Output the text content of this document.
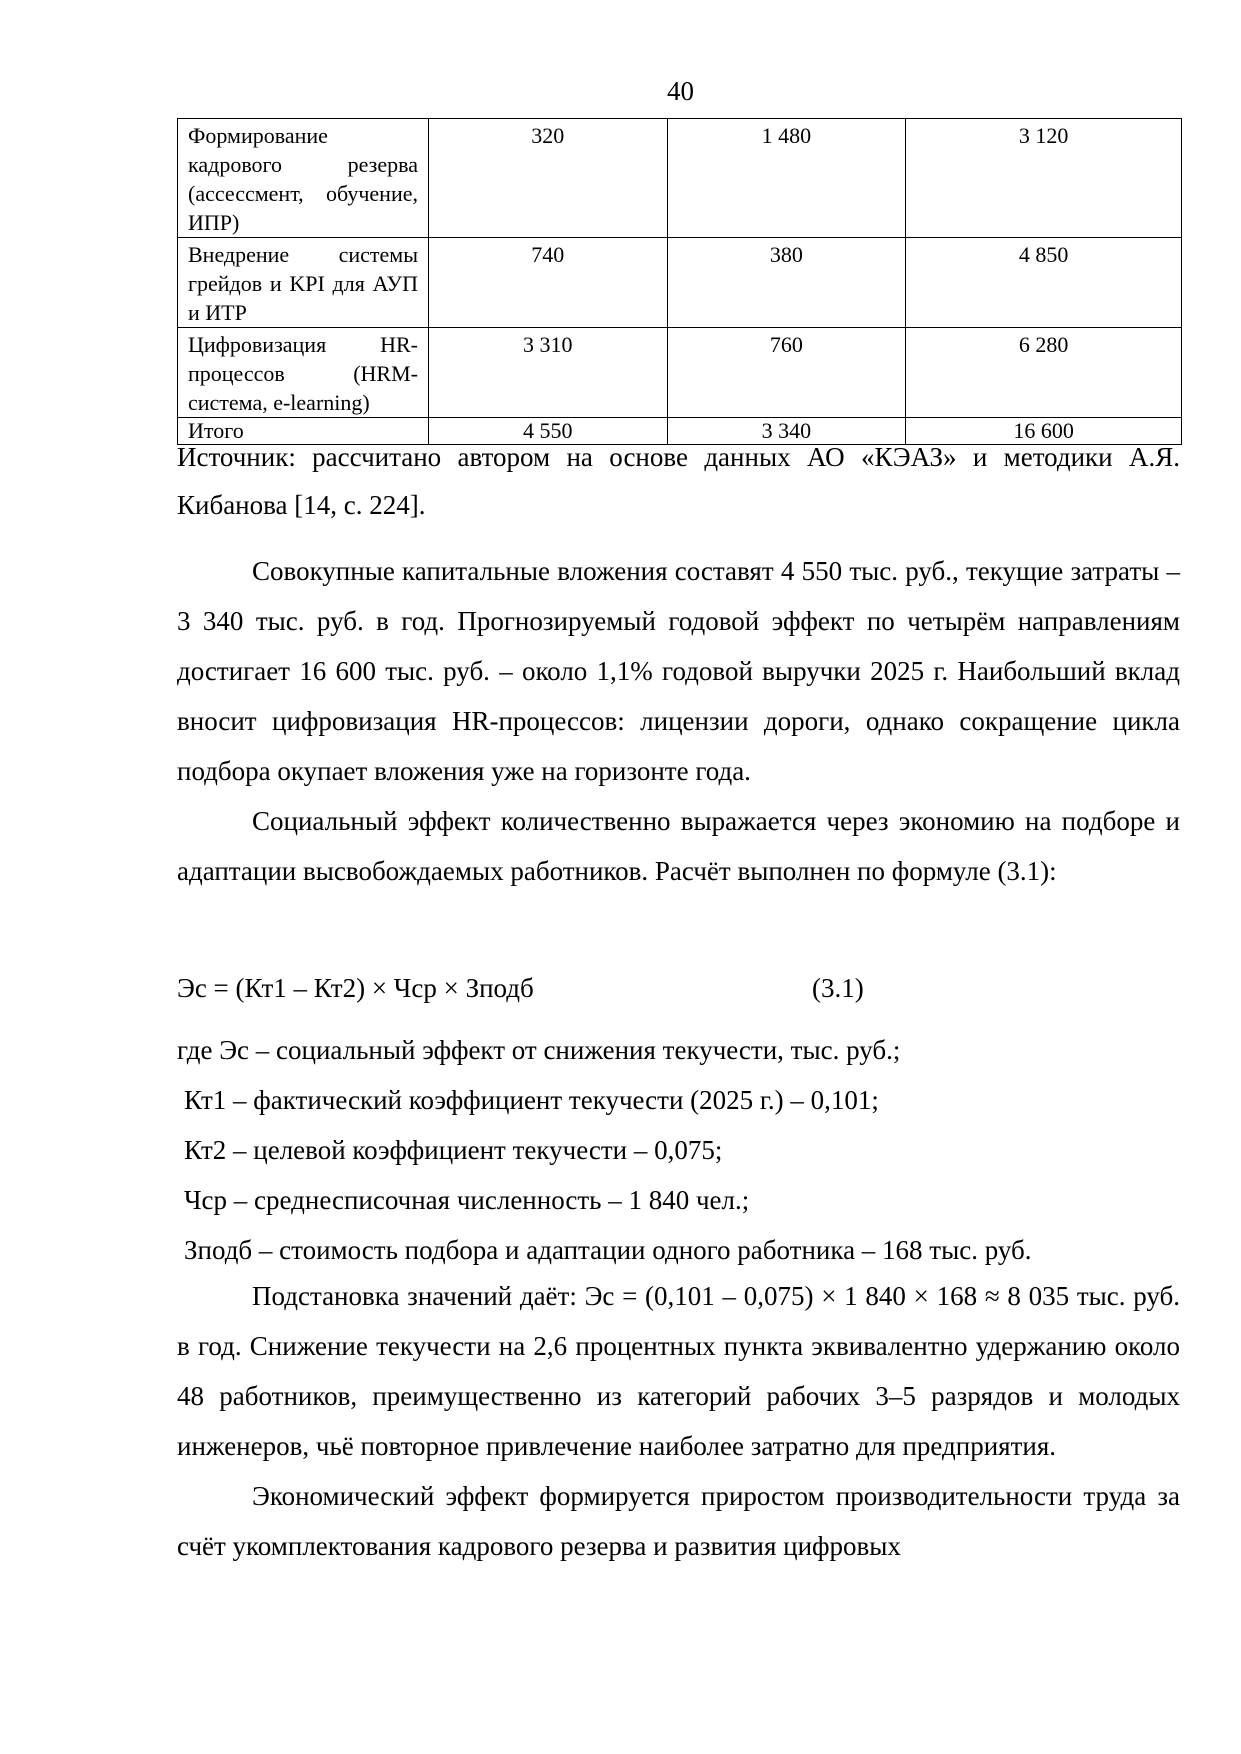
40
Формирование кадрового резерва (ассессмент, обучение, ИПР)	320	1 480	3 120
Внедрение системы грейдов и KPI для АУП и ИТР	740	380	4 850
Цифровизация HR-процессов (HRM-система, e-learning)	3 310	760	6 280
Итого	4 550	3 340	16 600
Источник: рассчитано автором на основе данных АО «КЭАЗ» и методики А.Я. Кибанова [14, с. 224].

Совокупные капитальные вложения составят 4 550 тыс. руб., текущие затраты – 3 340 тыс. руб. в год. Прогнозируемый годовой эффект по четырём направлениям достигает 16 600 тыс. руб. – около 1,1% годовой выручки 2025 г. Наибольший вклад вносит цифровизация HR-процессов: лицензии дороги, однако сокращение цикла подбора окупает вложения уже на горизонте года.

Социальный эффект количественно выражается через экономию на подборе и адаптации высвобождаемых работников. Расчёт выполнен по формуле (3.1):

Эс = (Кт1 – Кт2) × Чср × Зподб	(3.1)
где Эс – социальный эффект от снижения текучести, тыс. руб.;
Кт1 – фактический коэффициент текучести (2025 г.) – 0,101;
Кт2 – целевой коэффициент текучести – 0,075;
Чср – среднесписочная численность – 1 840 чел.;
Зподб – стоимость подбора и адаптации одного работника – 168 тыс. руб.

Подстановка значений даёт: Эс = (0,101 – 0,075) × 1 840 × 168 ≈ 8 035 тыс. руб. в год. Снижение текучести на 2,6 процентных пункта эквивалентно удержанию около 48 работников, преимущественно из категорий рабочих 3–5 разрядов и молодых инженеров, чьё повторное привлечение наиболее затратно для предприятия.

Экономический эффект формируется приростом производительности труда за счёт укомплектования кадрового резерва и развития цифровых
